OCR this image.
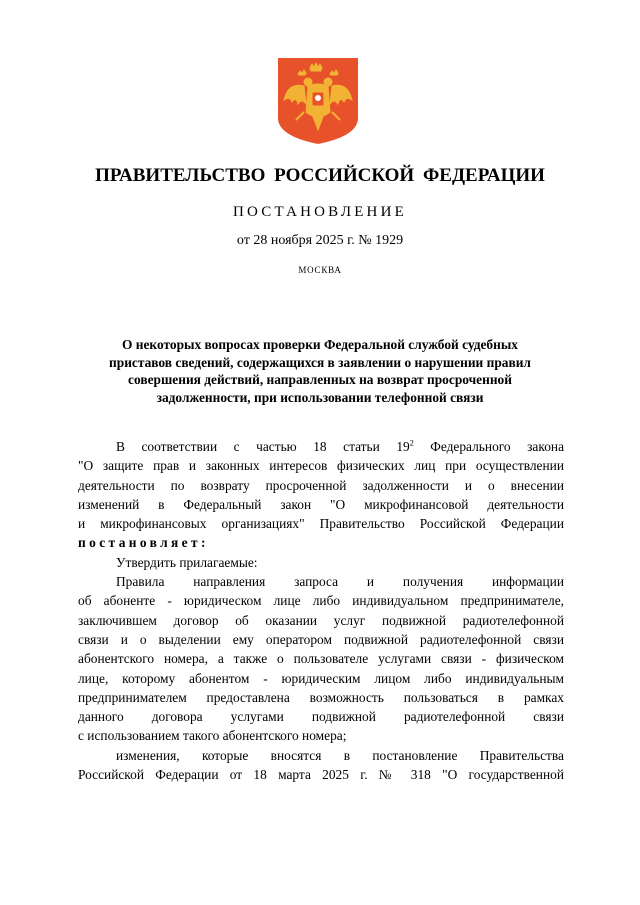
ПРАВИТЕЛЬСТВО РОССИЙСКОЙ ФЕДЕРАЦИИ
ПОСТАНОВЛЕНИЕ
от 28 ноября 2025 г. № 1929
МОСКВА
О некоторых вопросах проверки Федеральной службой судебных
приставов сведений, содержащихся в заявлении о нарушении правил
совершения действий, направленных на возврат просроченной
задолженности, при использовании телефонной связи
В соответствии с частью 18 статьи $19^2$ Федерального закона
"О защите прав и законных интересов физических лиц при осуществлении
деятельности по возврату просроченной задолженности и о внесении
изменений в Федеральный закон "О микрофинансовой деятельности
и микрофинансовых организациях" Правительство Российской Федерации
постановляет:
Утвердить прилагаемые:
Правила направления запроса и получения информации
об абоненте - юридическом лице либо индивидуальном предпринимателе,
заключившем договор об оказании услуг подвижной радиотелефонной
связи и о выделении ему оператором подвижной радиотелефонной связи
абонентского номера, а также о пользователе услугами связи - физическом
лице, которому абонентом - юридическим лицом либо индивидуальным
предпринимателем предоставлена возможность пользоваться в рамках
данного договора услугами подвижной радиотелефонной связи
с использованием такого абонентского номера;
изменения, которые вносятся в постановление Правительства
Российской Федерации от 18 марта 2025 г. № 318 "О государственной
